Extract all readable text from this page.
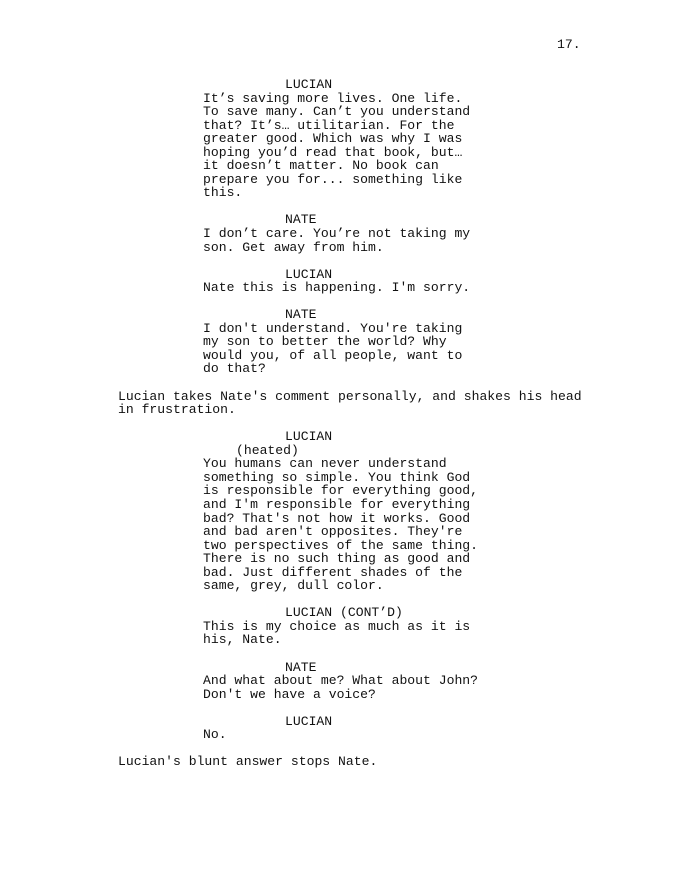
17.
LUCIAN
It’s saving more lives. One life.
To save many. Can’t you understand
that? It’s… utilitarian. For the
greater good. Which was why I was
hoping you’d read that book, but…
it doesn’t matter. No book can
prepare you for... something like
this.
NATE
I don’t care. You’re not taking my
son. Get away from him.
LUCIAN
Nate this is happening. I'm sorry.
NATE
I don't understand. You're taking
my son to better the world? Why
would you, of all people, want to
do that?
Lucian takes Nate's comment personally, and shakes his head
in frustration.
LUCIAN
(heated)
You humans can never understand
something so simple. You think God
is responsible for everything good,
and I'm responsible for everything
bad? That's not how it works. Good
and bad aren't opposites. They're
two perspectives of the same thing.
There is no such thing as good and
bad. Just different shades of the
same, grey, dull color.
LUCIAN (CONT’D)
This is my choice as much as it is
his, Nate.
NATE
And what about me? What about John?
Don't we have a voice?
LUCIAN
No.
Lucian's blunt answer stops Nate.
